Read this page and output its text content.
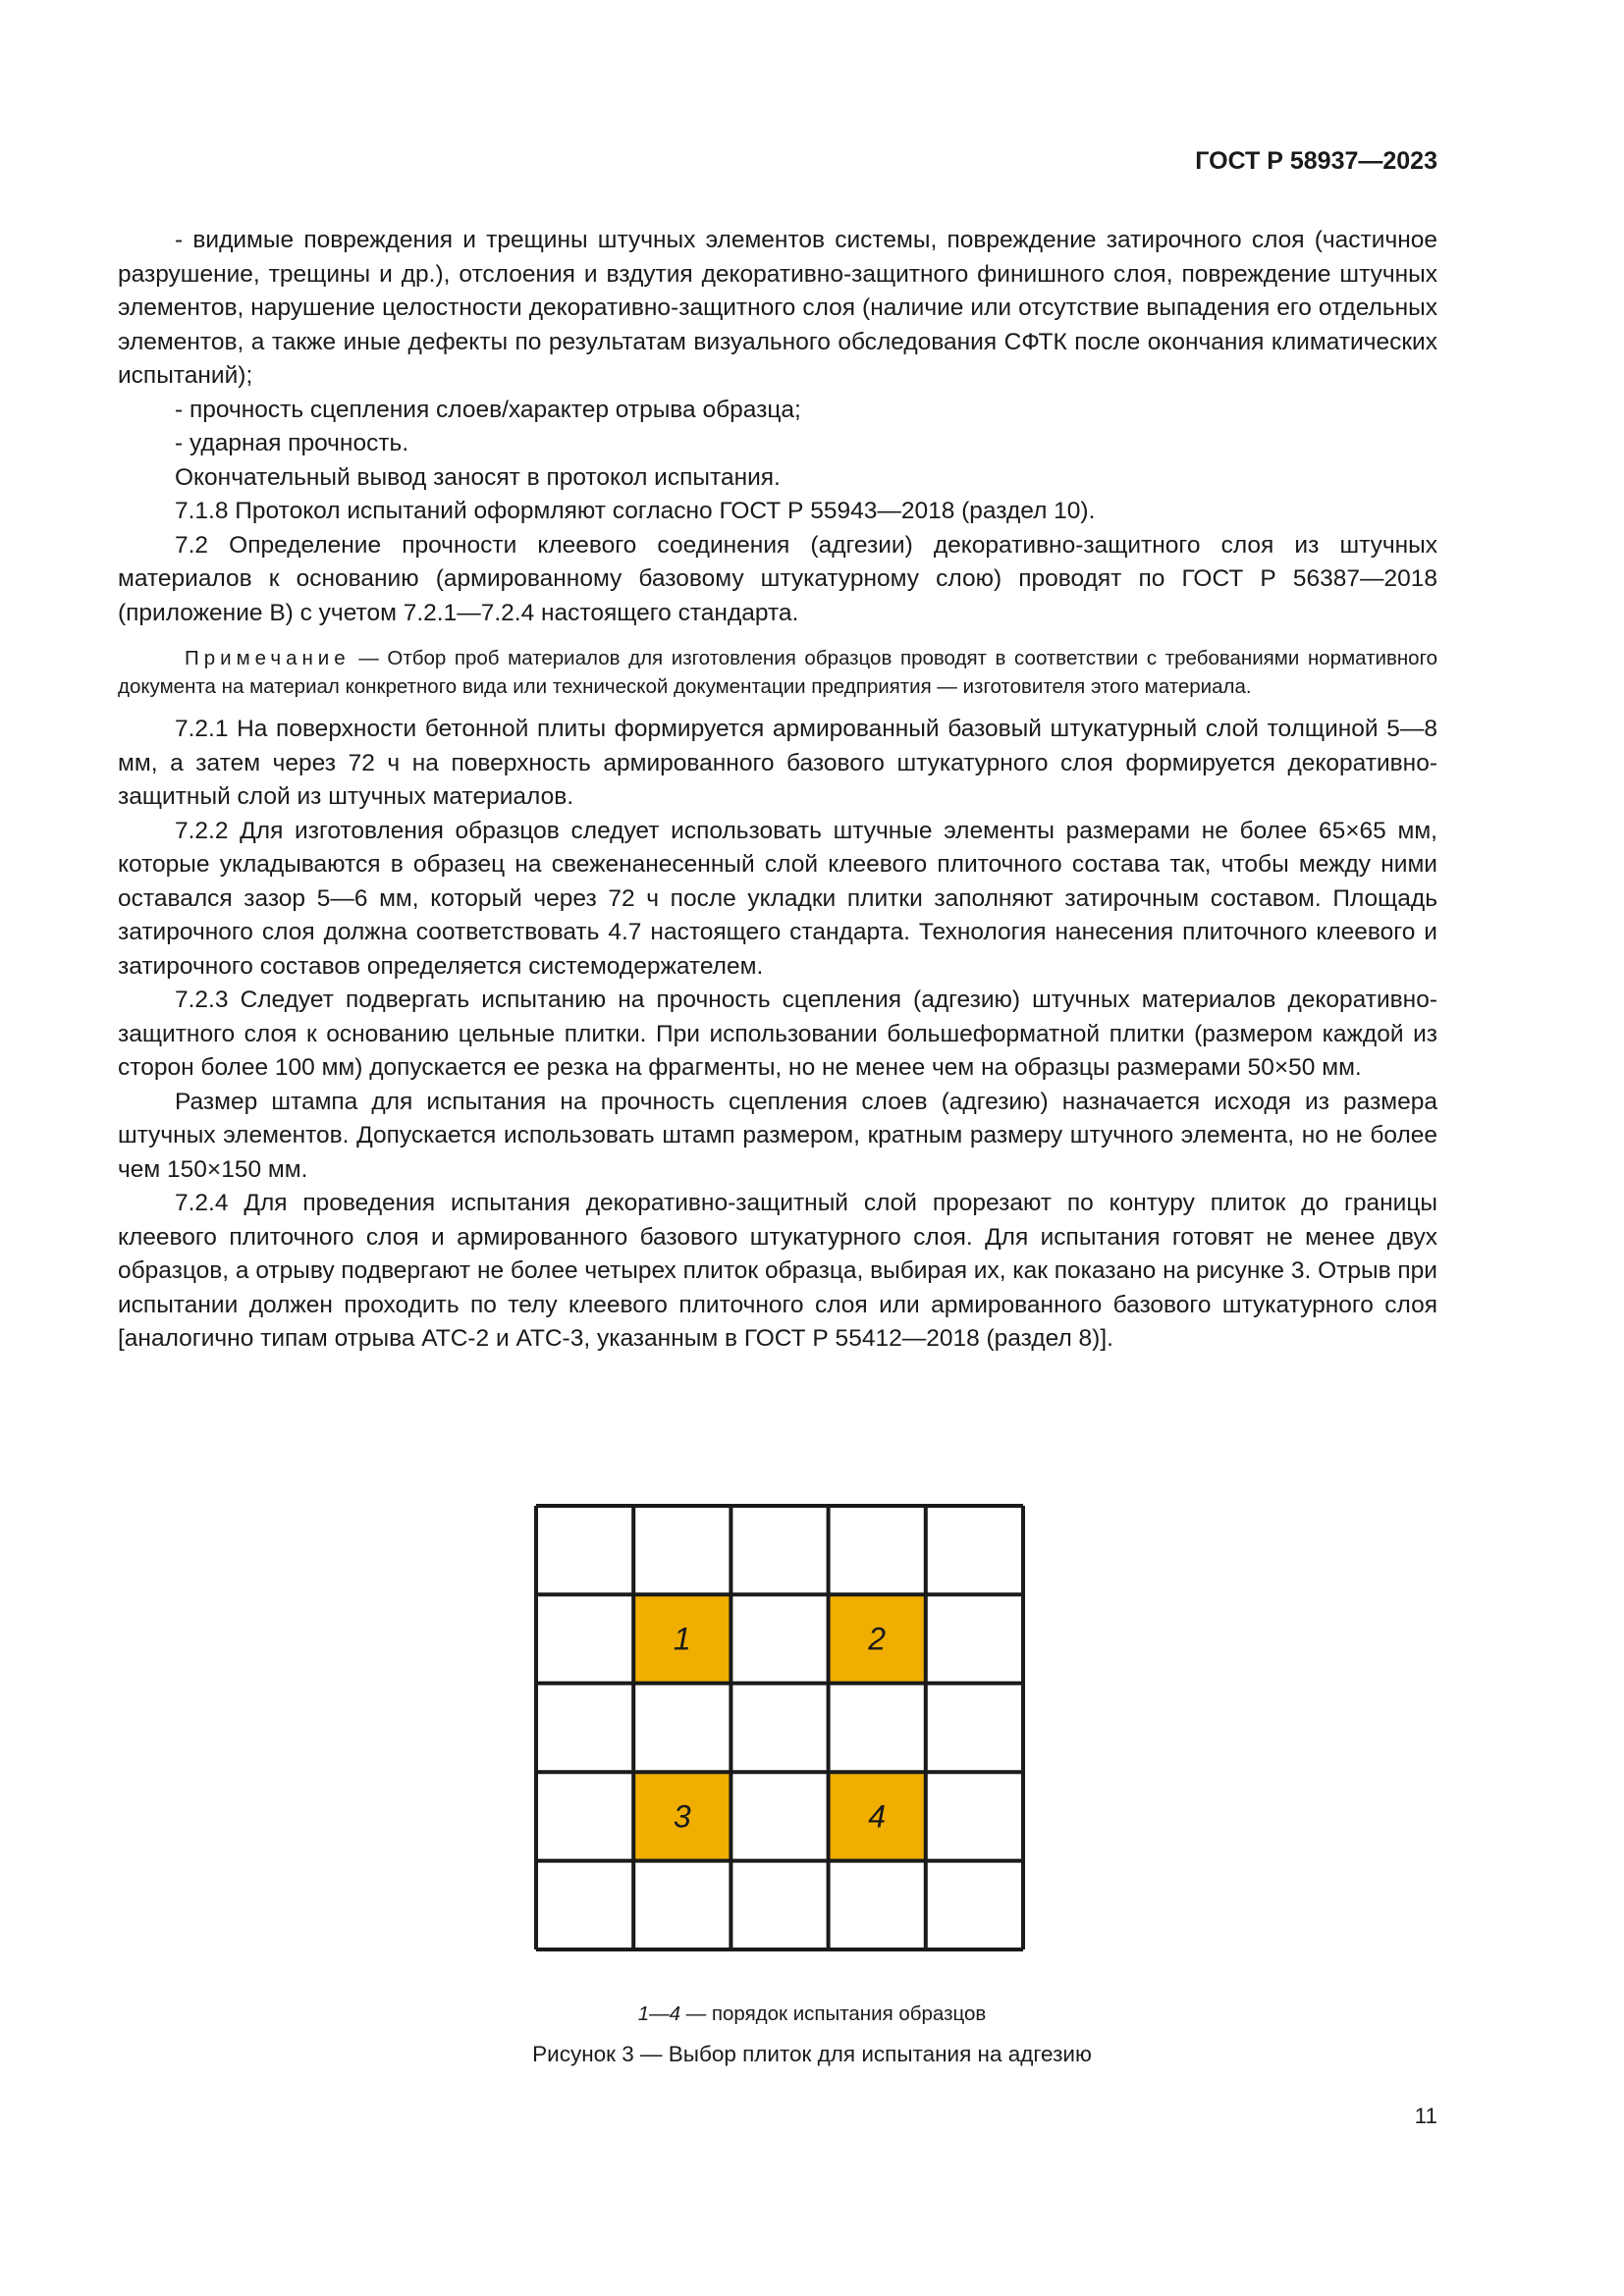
ГОСТ Р 58937—2023

- видимые повреждения и трещины штучных элементов системы, повреждение затирочного слоя (частичное разрушение, трещины и др.), отслоения и вздутия декоративно-защитного финишного слоя, повреждение штучных элементов, нарушение целостности декоративно-защитного слоя (наличие или отсутствие выпадения его отдельных элементов, а также иные дефекты по результатам визуального обследования СФТК после окончания климатических испытаний);

- прочность сцепления слоев/характер отрыва образца;

- ударная прочность.

Окончательный вывод заносят в протокол испытания.

7.1.8 Протокол испытаний оформляют согласно ГОСТ Р 55943—2018 (раздел 10).

7.2 Определение прочности клеевого соединения (адгезии) декоративно-защитного слоя из штучных материалов к основанию (армированному базовому штукатурному слою) проводят по ГОСТ Р 56387—2018 (приложение В) с учетом 7.2.1—7.2.4 настоящего стандарта.

Примечание — Отбор проб материалов для изготовления образцов проводят в соответствии с требованиями нормативного документа на материал конкретного вида или технической документации предприятия — изготовителя этого материала.

7.2.1 На поверхности бетонной плиты формируется армированный базовый штукатурный слой толщиной 5—8 мм, а затем через 72 ч на поверхность армированного базового штукатурного слоя формируется декоративно-защитный слой из штучных материалов.

7.2.2 Для изготовления образцов следует использовать штучные элементы размерами не более 65×65 мм, которые укладываются в образец на свеженанесенный слой клеевого плиточного состава так, чтобы между ними оставался зазор 5—6 мм, который через 72 ч после укладки плитки заполняют затирочным составом. Площадь затирочного слоя должна соответствовать 4.7 настоящего стандарта. Технология нанесения плиточного клеевого и затирочного составов определяется системодержателем.

7.2.3 Следует подвергать испытанию на прочность сцепления (адгезию) штучных материалов декоративно-защитного слоя к основанию цельные плитки. При использовании большеформатной плитки (размером каждой из сторон более 100 мм) допускается ее резка на фрагменты, но не менее чем на образцы размерами 50×50 мм.

Размер штампа для испытания на прочность сцепления слоев (адгезию) назначается исходя из размера штучных элементов. Допускается использовать штамп размером, кратным размеру штучного элемента, но не более чем 150×150 мм.

7.2.4 Для проведения испытания декоративно-защитный слой прорезают по контуру плиток до границы клеевого плиточного слоя и армированного базового штукатурного слоя. Для испытания готовят не менее двух образцов, а отрыву подвергают не более четырех плиток образца, выбирая их, как показано на рисунке 3. Отрыв при испытании должен проходить по телу клеевого плиточного слоя или армированного базового штукатурного слоя [аналогично типам отрыва АТС-2 и АТС-3, указанным в ГОСТ Р 55412—2018 (раздел 8)].

1	2
3	4
1—4 — порядок испытания образцов
Рисунок 3 — Выбор плиток для испытания на адгезию
11
